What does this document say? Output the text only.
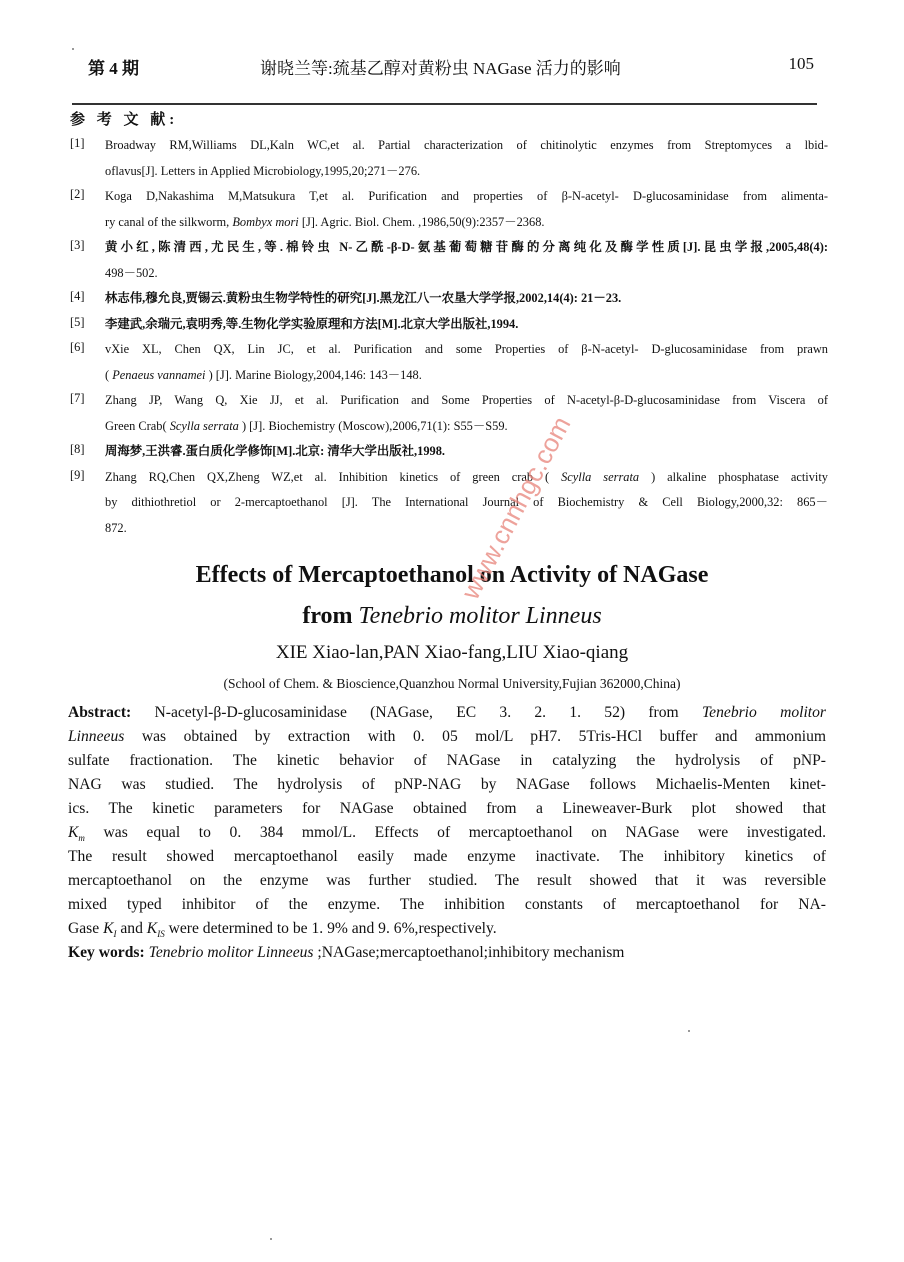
第 4 期	谢晓兰等:巯基乙醇对黄粉虫 NAGase 活力的影响	105
参 考 文 献:
[1] Broadway RM,Williams DL,Kaln WC,et al. Partial characterization of chitinolytic enzymes from Streptomyces a lbid-
oflavus[J]. Letters in Applied Microbiology,1995,20;271－276.
[2] Koga D,Nakashima M,Matsukura T,et al. Purification and properties of β-N-acetyl- D-glucosaminidase from alimenta-
ry canal of the silkworm, Bombyx mori [J]. Agric. Biol. Chem. ,1986,50(9):2357－2368.
[3] 黄小红,陈清西,尤民生,等.棉铃虫 N-乙酰-β-D-氨基葡萄糖苷酶的分离纯化及酶学性质[J].昆虫学报,2005,48(4):
498－502.
[4] 林志伟,穆允良,贾锡云.黄粉虫生物学特性的研究[J].黑龙江八一农垦大学学报,2002,14(4): 21－23.
[5] 李建武,余瑞元,袁明秀,等.生物化学实验原理和方法[M].北京大学出版社,1994.
[6] vXie XL, Chen QX, Lin JC, et al. Purification and some Properties of β-N-acetyl- D-glucosaminidase from prawn
( Penaeus vannamei ) [J]. Marine Biology,2004,146: 143－148.
[7] Zhang JP, Wang Q, Xie JJ, et al. Purification and Some Properties of N-acetyl-β-D-glucosaminidase from Viscera of
Green Crab( Scylla serrata ) [J]. Biochemistry (Moscow),2006,71(1): S55－S59.
[8] 周海梦,王洪睿.蛋白质化学修饰[M].北京: 清华大学出版社,1998.
[9] Zhang RQ,Chen QX,Zheng WZ,et al. Inhibition kinetics of green crab ( Scylla serrata ) alkaline phosphatase activity
by dithiothretiol or 2-mercaptoethanol [J]. The International Journal of Biochemistry & Cell Biology,2000,32: 865－
872.
Effects of Mercaptoethanol on Activity of NAGase
from Tenebrio molitor Linneus
XIE Xiao-lan,PAN Xiao-fang,LIU Xiao-qiang
(School of Chem. & Bioscience,Quanzhou Normal University,Fujian 362000,China)
Abstract: N-acetyl-β-D-glucosaminidase (NAGase, EC 3. 2. 1. 52) from Tenebrio molitor
Linneeus was obtained by extraction with 0. 05 mol/L pH7. 5Tris-HCl buffer and ammonium
sulfate fractionation. The kinetic behavior of NAGase in catalyzing the hydrolysis of pNP-
NAG was studied. The hydrolysis of pNP-NAG by NAGase follows Michaelis-Menten kinet-
ics. The kinetic parameters for NAGase obtained from a Lineweaver-Burk plot showed that
$K_m$ was equal to 0. 384 mmol/L. Effects of mercaptoethanol on NAGase were investigated.
The result showed mercaptoethanol easily made enzyme inactivate. The inhibitory kinetics of
mercaptoethanol on the enzyme was further studied. The result showed that it was reversible
mixed typed inhibitor of the enzyme. The inhibition constants of mercaptoethanol for NA-
Gase $K_I$ and $K_{IS}$ were determined to be 1. 9% and 9. 6%,respectively.
Key words: Tenebrio molitor Linneeus ;NAGase;mercaptoethanol;inhibitory mechanism
www.cnnhgc.com
